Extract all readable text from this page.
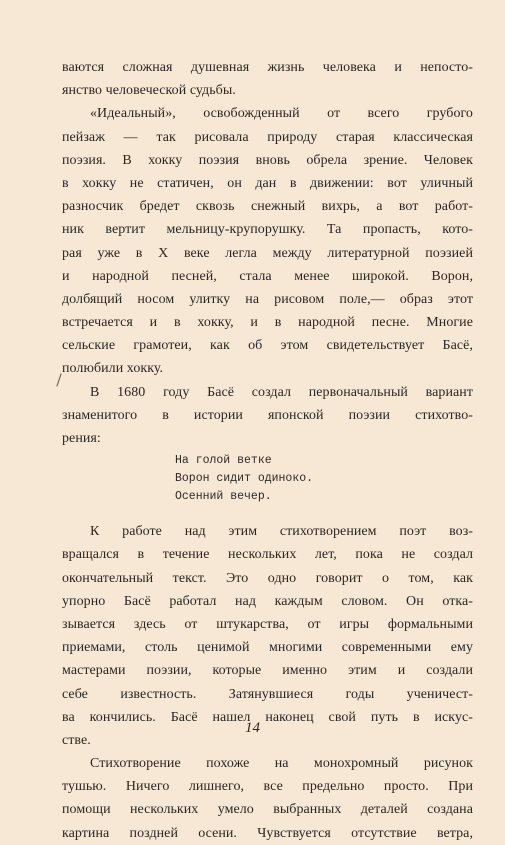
ваются сложная душевная жизнь человека и непосто-
янство человеческой судьбы.
«Идеальный», освобожденный от всего грубого
пейзаж — так рисовала природу старая классическая
поэзия. В хокку поэзия вновь обрела зрение. Человек
в хокку не статичен, он дан в движении: вот уличный
разносчик бредет сквозь снежный вихрь, а вот работ-
ник вертит мельницу-крупорушку. Та пропасть, кото-
рая уже в X веке легла между литературной поэзией
и народной песней, стала менее широкой. Ворон,
долбящий носом улитку на рисовом поле,— образ этот
встречается и в хокку, и в народной песне. Многие
сельские грамотеи, как об этом свидетельствует Басё,
полюбили хокку.
В 1680 году Басё создал первоначальный вариант
знаменитого в истории японской поэзии стихотво-
рения:
На голой ветке
Ворон сидит одиноко.
Осенний вечер.
К работе над этим стихотворением поэт воз-
вращался в течение нескольких лет, пока не создал
окончательный текст. Это одно говорит о том, как
упорно Басё работал над каждым словом. Он отка-
зывается здесь от штукарства, от игры формальными
приемами, столь ценимой многими современными ему
мастерами поэзии, которые именно этим и создали
себе известность. Затянувшиеся годы ученичест-
ва кончились. Басё нашел наконец свой путь в искус-
стве.
Стихотворение похоже на монохромный рисунок
тушью. Ничего лишнего, все предельно просто. При
помощи нескольких умело выбранных деталей создана
картина поздней осени. Чувствуется отсутствие ветра,
14
